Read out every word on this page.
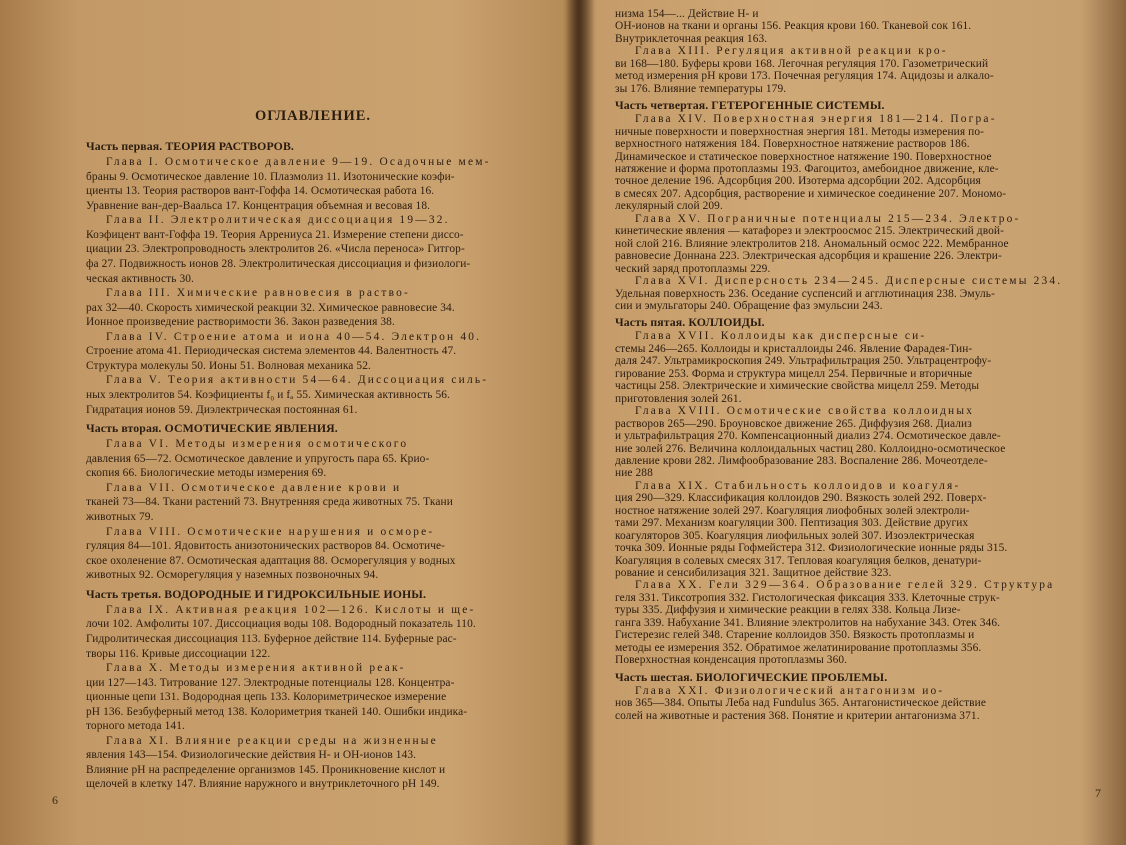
ОГЛАВЛЕНИЕ.
6
Часть первая. ТЕОРИЯ РАСТВОРОВ.
Глава I. Осмотическое давление 9—19. Осадочные мем-
браны 9. Осмотическое давление 10. Плазмолиз 11. Изотонические коэфи-
циенты 13. Теория растворов вант-Гоффа 14. Осмотическая работа 16.
Уравнение ван-дер-Ваальса 17. Концентрация объемная и весовая 18.
Глава II. Электролитическая диссоциация 19—32.
Коэфицент вант-Гоффа 19. Теория Аррениуса 21. Измерение степени диссо-
циации 23. Электропроводность электролитов 26. «Числа переноса» Гитгор-
фа 27. Подвижность ионов 28. Электролитическая диссоциация и физиологи-
ческая активность 30.
Глава III. Химические равновесия в раство-
рах 32—40. Скорость химической реакции 32. Химическое равновесие 34.
Ионное произведение растворимости 36. Закон разведения 38.
Глава IV. Строение атома и иона 40—54. Электрон 40.
Строение атома 41. Периодическая система элементов 44. Валентность 47.
Структура молекулы 50. Ионы 51. Волновая механика 52.
Глава V. Теория активности 54—64. Диссоциация силь-
ных электролитов 54. Коэфициенты f₀ и fₐ 55. Химическая активность 56.
Гидратация ионов 59. Диэлектрическая постоянная 61.
Часть вторая. ОСМОТИЧЕСКИЕ ЯВЛЕНИЯ.
Глава VI. Методы измерения осмотического
давления 65—72. Осмотическое давление и упругость пара 65. Крио-
скопия 66. Биологические методы измерения 69.
Глава VII. Осмотическое давление крови и
тканей 73—84. Ткани растений 73. Внутренняя среда животных 75. Ткани
животных 79.
Глава VIII. Осмотические нарушения и осморе-
гуляция 84—101. Ядовитость анизотонических растворов 84. Осмотиче-
ское охоленение 87. Осмотическая адаптация 88. Осморегуляция у водных
животных 92. Осморегуляция у наземных позвоночных 94.
Часть третья. ВОДОРОДНЫЕ И ГИДРОКСИЛЬНЫЕ ИОНЫ.
Глава IX. Активная реакция 102—126. Кислоты и ще-
лочи 102. Амфолиты 107. Диссоциация воды 108. Водородный показатель 110.
Гидролитическая диссоциация 113. Буферное действие 114. Буферные рас-
творы 116. Кривые диссоциации 122.
Глава X. Методы измерения активной реак-
ции 127—143. Титрование 127. Электродные потенциалы 128. Концентра-
ционные цепи 131. Водородная цепь 133. Колориметрическое измерение
pH 136. Безбуферный метод 138. Колориметрия тканей 140. Ошибки индика-
торного метода 141.
Глава XI. Влияние реакции среды на жизненные
явления 143—154. Физиологические действия H- и OH-ионов 143.
Влияние pH на распределение организмов 145. Проникновение кислот и
щелочей в клетку 147. Влияние наружного и внутриклеточного pH 149.
7
низма 154—... Действие H- и
OH-ионов на ткани и органы 156. Реакция крови 160. Тканевой сок 161.
Внутриклеточная реакция 163.
Глава XIII. Регуляция активной реакции кро-
ви 168—180. Буферы крови 168. Легочная регуляция 170. Газометрический
метод измерения pH крови 173. Почечная регуляция 174. Ацидозы и алкало-
зы 176. Влияние температуры 179.
Часть четвертая. ГЕТЕРОГЕННЫЕ СИСТЕМЫ.
Глава XIV. Поверхностная энергия 181—214. Погра-
ничные поверхности и поверхностная энергия 181. Методы измерения по-
верхностного натяжения 184. Поверхностное натяжение растворов 186.
Динамическое и статическое поверхностное натяжение 190. Поверхностное
натяжение и форма протоплазмы 193. Фагоцитоз, амебоидное движение, кле-
точное деление 196. Адсорбция 200. Изотерма адсорбции 202. Адсорбция
в смесях 207. Адсорбция, растворение и химическое соединение 207. Мономо-
лекулярный слой 209.
Глава XV. Пограничные потенциалы 215—234. Электро-
кинетические явления — катафорез и электроосмос 215. Электрический двой-
ной слой 216. Влияние электролитов 218. Аномальный осмос 222. Мембранное
равновесие Доннана 223. Электрическая адсорбция и крашение 226. Электри-
ческий заряд протоплазмы 229.
Глава XVI. Дисперсность 234—245. Дисперсные системы 234.
Удельная поверхность 236. Оседание суспенсий и агглютинация 238. Эмуль-
сии и эмульгаторы 240. Обращение фаз эмульсии 243.
Часть пятая. КОЛЛОИДЫ.
Глава XVII. Коллоиды как дисперсные си-
стемы 246—265. Коллоиды и кристаллоиды 246. Явление Фарадея-Тин-
даля 247. Ультрамикроскопия 249. Ультрафильтрация 250. Ультрацентрофу-
гирование 253. Форма и структура мицелл 254. Первичные и вторичные
частицы 258. Электрические и химические свойства мицелл 259. Методы
приготовления золей 261.
Глава XVIII. Осмотические свойства коллоидных
растворов 265—290. Броуновское движение 265. Диффузия 268. Диализ
и ультрафильтрация 270. Компенсационный диализ 274. Осмотическое давле-
ние золей 276. Величина коллоидальных частиц 280. Коллоидно-осмотическое
давление крови 282. Лимфообразование 283. Воспаление 286. Мочеотделе-
ние 288
Глава XIX. Стабильность коллоидов и коагуля-
ция 290—329. Классификация коллоидов 290. Вязкость золей 292. Поверх-
ностное натяжение золей 297. Коагуляция лиофобных золей электроли-
тами 297. Механизм коагуляции 300. Пептизация 303. Действие других
коагуляторов 305. Коагуляция лиофильных золей 307. Изоэлектрическая
точка 309. Ионные ряды Гофмейстера 312. Физиологические ионные ряды 315.
Коагуляция в солевых смесях 317. Тепловая коагуляция белков, денатури-
рование и сенсибилизация 321. Защитное действие 323.
Глава XX. Гели 329—364. Образование гелей 329. Структура
геля 331. Тиксотропия 332. Гистологическая фиксация 333. Клеточные струк-
туры 335. Диффузия и химические реакции в гелях 338. Кольца Лизе-
ганга 339. Набухание 341. Влияние электролитов на набухание 343. Отек 346.
Гистерезис гелей 348. Старение коллоидов 350. Вязкость протоплазмы и
методы ее измерения 352. Обратимое желатинирование протоплазмы 356.
Поверхностная конденсация протоплазмы 360.
Часть шестая. БИОЛОГИЧЕСКИЕ ПРОБЛЕМЫ.
Глава XXI. Физиологический антагонизм ио-
нов 365—384. Опыты Леба над Fundulus 365. Антагонистическое действие
солей на животные и растения 368. Понятие и критерии антагонизма 371.
